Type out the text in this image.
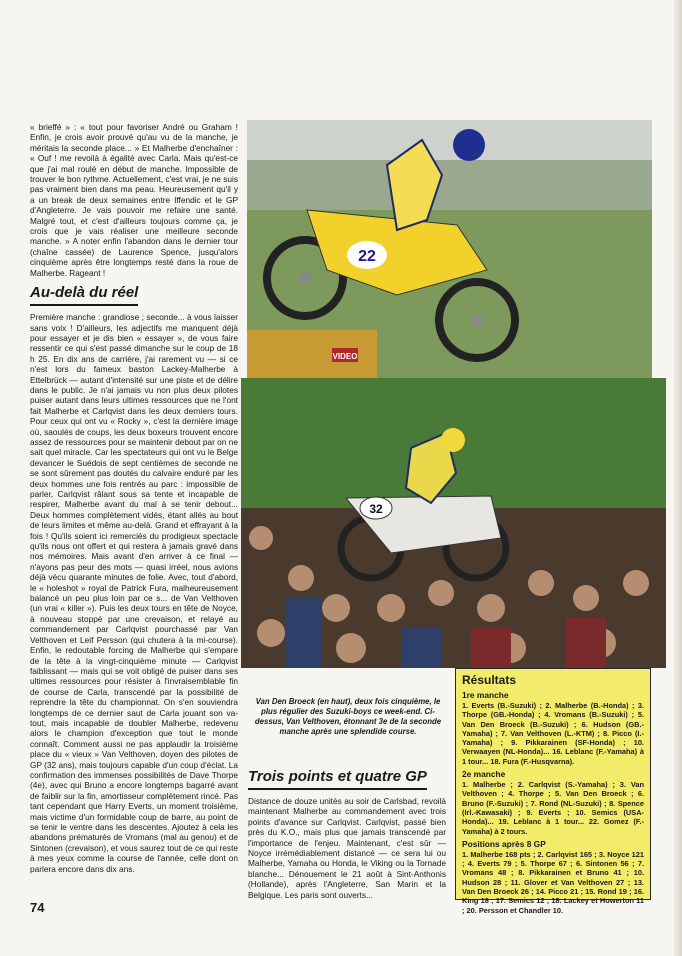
« brieffé » : « tout pour favoriser André ou Graham ! Enfin, je crois avoir prouvé qu'au vu de la manche, je méritais la seconde place... » Et Malherbe d'enchaîner : « Ouf ! me revoilà à égalité avec Carla. Mais qu'est-ce que j'ai mal roulé en début de manche. Impossible de trouver le bon rythme. Actuellement, c'est vrai, je ne suis pas vraiment bien dans ma peau. Heureusement qu'il y a un break de deux semaines entre Iffendic et le GP d'Angleterre. Je vais pouvoir me refaire une santé. Malgré tout, et c'est d'ailleurs toujours comme ça, je crois que je vais réaliser une meilleure seconde manche. » A noter enfin l'abandon dans le dernier tour (chaîne cassée) de Laurence Spence, jusqu'alors cinquième après être longtemps resté dans la roue de Malherbe. Rageant !

Au-delà du réel

Première manche : grandiose ; seconde... à vous laisser sans voix ! D'ailleurs, les adjectifs me manquent déjà pour essayer et je dis bien « essayer », de vous faire ressentir ce qui s'est passé dimanche sur le coup de 18 h 25. En dix ans de carrière, j'ai rarement vu — si ce n'est lors du fameux baston Lackey-Malherbe à Ettelbrück — autant d'intensité sur une piste et de délire dans le public. Je n'ai jamais vu non plus deux pilotes puiser autant dans leurs ultimes ressources que ne l'ont fait Malherbe et Carlqvist dans les deux derniers tours. Pour ceux qui ont vu « Rocky », c'est la dernière image où, saoulés de coups, les deux boxeurs trouvent encore assez de ressources pour se maintenir debout par on ne sait quel miracle. Car les spectateurs qui ont vu le Belge devancer le Suédois de sept centièmes de seconde ne se sont sûrement pas doutés du calvaire enduré par les deux hommes une fois rentrés au parc : impossible de parler, Carlqvist râlant sous sa tente et incapable de respirer, Malherbe avant du mal à se tenir debout... Deux hommes complètement vidés, étant allés au bout de leurs limites et même au-delà. Grand et effrayant à la fois ! Qu'ils soient ici remerciés du prodigieux spectacle qu'ils nous ont offert et qui restera à jamais gravé dans nos mémoires. Mais avant d'en arriver à ce final — n'ayons pas peur des mots — quasi irréel, nous avions déjà vécu quarante minutes de folie. Avec, tout d'abord, le « holeshot » royal de Patrick Fura, malheureusement balancé un peu plus loin par ce s... de Van Velthoven (un vrai « killer »). Puis les deux tours en tête de Noyce, à nouveau stoppé par une crevaison, et relayé au commandement par Carlqvist pourchassé par Van Velthoven et Leif Persson (qui chutera à la mi-course). Enfin, le redoutable forcing de Malherbe qui s'empare de la tête à la vingt-cinquième minute — Carlqvist faiblissant — mais qui se voit obligé de puiser dans ses ultimes ressources pour résister à l'invraisemblable fin de course de Carla, transcendé par la possibilité de reprendre la tête du championnat. On s'en souviendra longtemps de ce dernier saut de Carla jouant son va-tout, mais incapable de doubler Malherbe, redevenu alors le champion d'exception que tout le monde connaît. Comment aussi ne pas applaudir la troisième place du « vieux » Van Velthoven, doyen des pilotes de GP (32 ans), mais toujours capable d'un coup d'éclat. La confirmation des immenses possibilités de Dave Thorpe (4e), avec qui Bruno a encore longtemps bagarré avant de faiblir sur la fin, amortisseur complètement rincé. Pas tant cependant que Harry Everts, un moment troisième, mais victime d'un formidable coup de barre, au point de se tenir le ventre dans les descentes. Ajoutez à cela les abandons prématurés de Vromans (mal au genou) et de Sintonen (crevaison), et vous saurez tout de ce qui reste à mes yeux comme la course de l'année, celle dont on parlera encore dans dix ans.

VIDEO
22
32
Van Den Broeck (en haut), deux fois cinquième, le plus régulier des Suzuki-boys ce week-end. Ci-dessus, Van Velthoven, étonnant 3e de la seconde manche après une splendide course.
Trois points et quatre GP

Distance de douze unités au soir de Carlsbad, revoilà maintenant Malherbe au commandement avec trois points d'avance sur Carlqvist. Carlqvist, passé bien près du K.O., mais plus que jamais transcendé par l'importance de l'enjeu. Maintenant, c'est sûr — Noyce irrémédiablement distancé — ce sera lui ou Malherbe, Yamaha ou Honda, le Viking ou la Tornade blanche... Dénouement le 21 août à Sint-Anthonis (Hollande), après l'Angleterre, San Marin et la Belgique. Les paris sont ouverts...

Résultats
1re manche

1. Everts (B.-Suzuki) ; 2. Malherbe (B.-Honda) ; 3. Thorpe (GB.-Honda) ; 4. Vromans (B.-Suzuki) ; 5. Van Den Broeck (B.-Suzuki) ; 6. Hudson (GB.-Yamaha) ; 7. Van Velthoven (L.-KTM) ; 8. Picco (I.-Yamaha) ; 9. Pikkarainen (SF-Honda) ; 10. Verwaayen (NL-Honda)... 16. Leblanc (F.-Yamaha) à 1 tour... 18. Fura (F.-Husqvarna).

2e manche

1. Malherbe ; 2. Carlqvist (S.-Yamaha) ; 3. Van Velthoven ; 4. Thorpe ; 5. Van Den Broeck ; 6. Bruno (F.-Suzuki) ; 7. Rond (NL-Suzuki) ; 8. Spence (Irl.-Kawasaki) ; 9. Everts ; 10. Semics (USA-Honda)... 19. Leblanc à 1 tour... 22. Gomez (F.-Yamaha) à 2 tours.

Positions après 8 GP

1. Malherbe 168 pts ; 2. Carlqvist 165 ; 3. Noyce 121 ; 4. Everts 79 ; 5. Thorpe 67 ; 6. Sintonen 56 ; 7. Vromans 48 ; 8. Pikkarainen et Bruno 41 ; 10. Hudson 28 ; 11. Glover et Van Velthoven 27 ; 13. Van Den Broeck 26 ; 14. Picco 21 ; 15. Rond 19 ; 16. King 18 ; 17. Semics 12 ; 18. Lackey et Howerton 11 ; 20. Persson et Chandler 10.

74
